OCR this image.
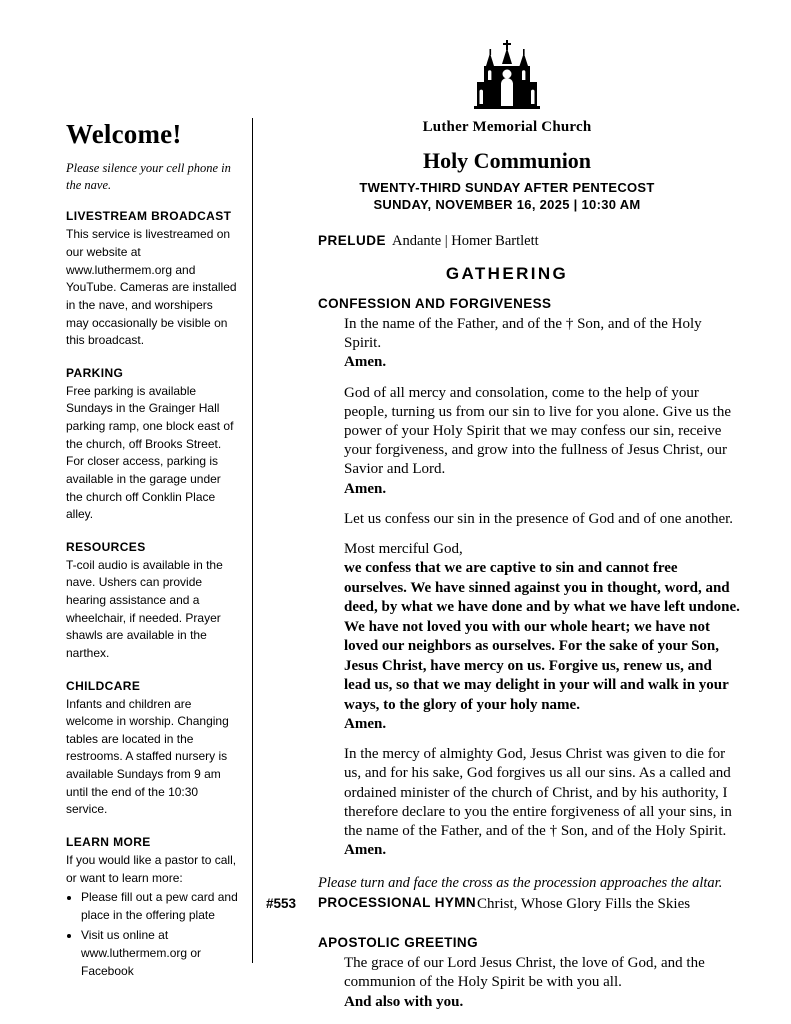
Welcome!
Please silence your cell phone in the nave.
LIVESTREAM BROADCAST
This service is livestreamed on our website at www.luthermem.org and YouTube. Cameras are installed in the nave, and worshipers may occasionally be visible on this broadcast.
PARKING
Free parking is available Sundays in the Grainger Hall parking ramp, one block east of the church, off Brooks Street. For closer access, parking is available in the garage under the church off Conklin Place alley.
RESOURCES
T-coil audio is available in the nave. Ushers can provide hearing assistance and a wheelchair, if needed. Prayer shawls are available in the narthex.
CHILDCARE
Infants and children are welcome in worship. Changing tables are located in the restrooms. A staffed nursery is available Sundays from 9 am until the end of the 10:30 service.
LEARN MORE
If you would like a pastor to call, or want to learn more:
• Please fill out a pew card and place in the offering plate
• Visit us online at www.luthermem.org or Facebook
Luther Memorial Church
Holy Communion
TWENTY-THIRD SUNDAY AFTER PENTECOST
SUNDAY, NOVEMBER 16, 2025 | 10:30 AM
PRELUDE Andante | Homer Bartlett
GATHERING
CONFESSION AND FORGIVENESS
In the name of the Father, and of the † Son, and of the Holy Spirit.
Amen.
God of all mercy and consolation, come to the help of your people, turning us from our sin to live for you alone. Give us the power of your Holy Spirit that we may confess our sin, receive your forgiveness, and grow into the fullness of Jesus Christ, our Savior and Lord.
Amen.
Let us confess our sin in the presence of God and of one another.
Most merciful God,
we confess that we are captive to sin and cannot free ourselves. We have sinned against you in thought, word, and deed, by what we have done and by what we have left undone. We have not loved you with our whole heart; we have not loved our neighbors as ourselves. For the sake of your Son, Jesus Christ, have mercy on us. Forgive us, renew us, and lead us, so that we may delight in your will and walk in your ways, to the glory of your holy name.
Amen.
In the mercy of almighty God, Jesus Christ was given to die for us, and for his sake, God forgives us all our sins. As a called and ordained minister of the church of Christ, and by his authority, I therefore declare to you the entire forgiveness of all your sins, in the name of the Father, and of the † Son, and of the Holy Spirit.
Amen.
Please turn and face the cross as the procession approaches the altar.
#553 PROCESSIONAL HYMN Christ, Whose Glory Fills the Skies
APOSTOLIC GREETING
The grace of our Lord Jesus Christ, the love of God, and the communion of the Holy Spirit be with you all.
And also with you.
